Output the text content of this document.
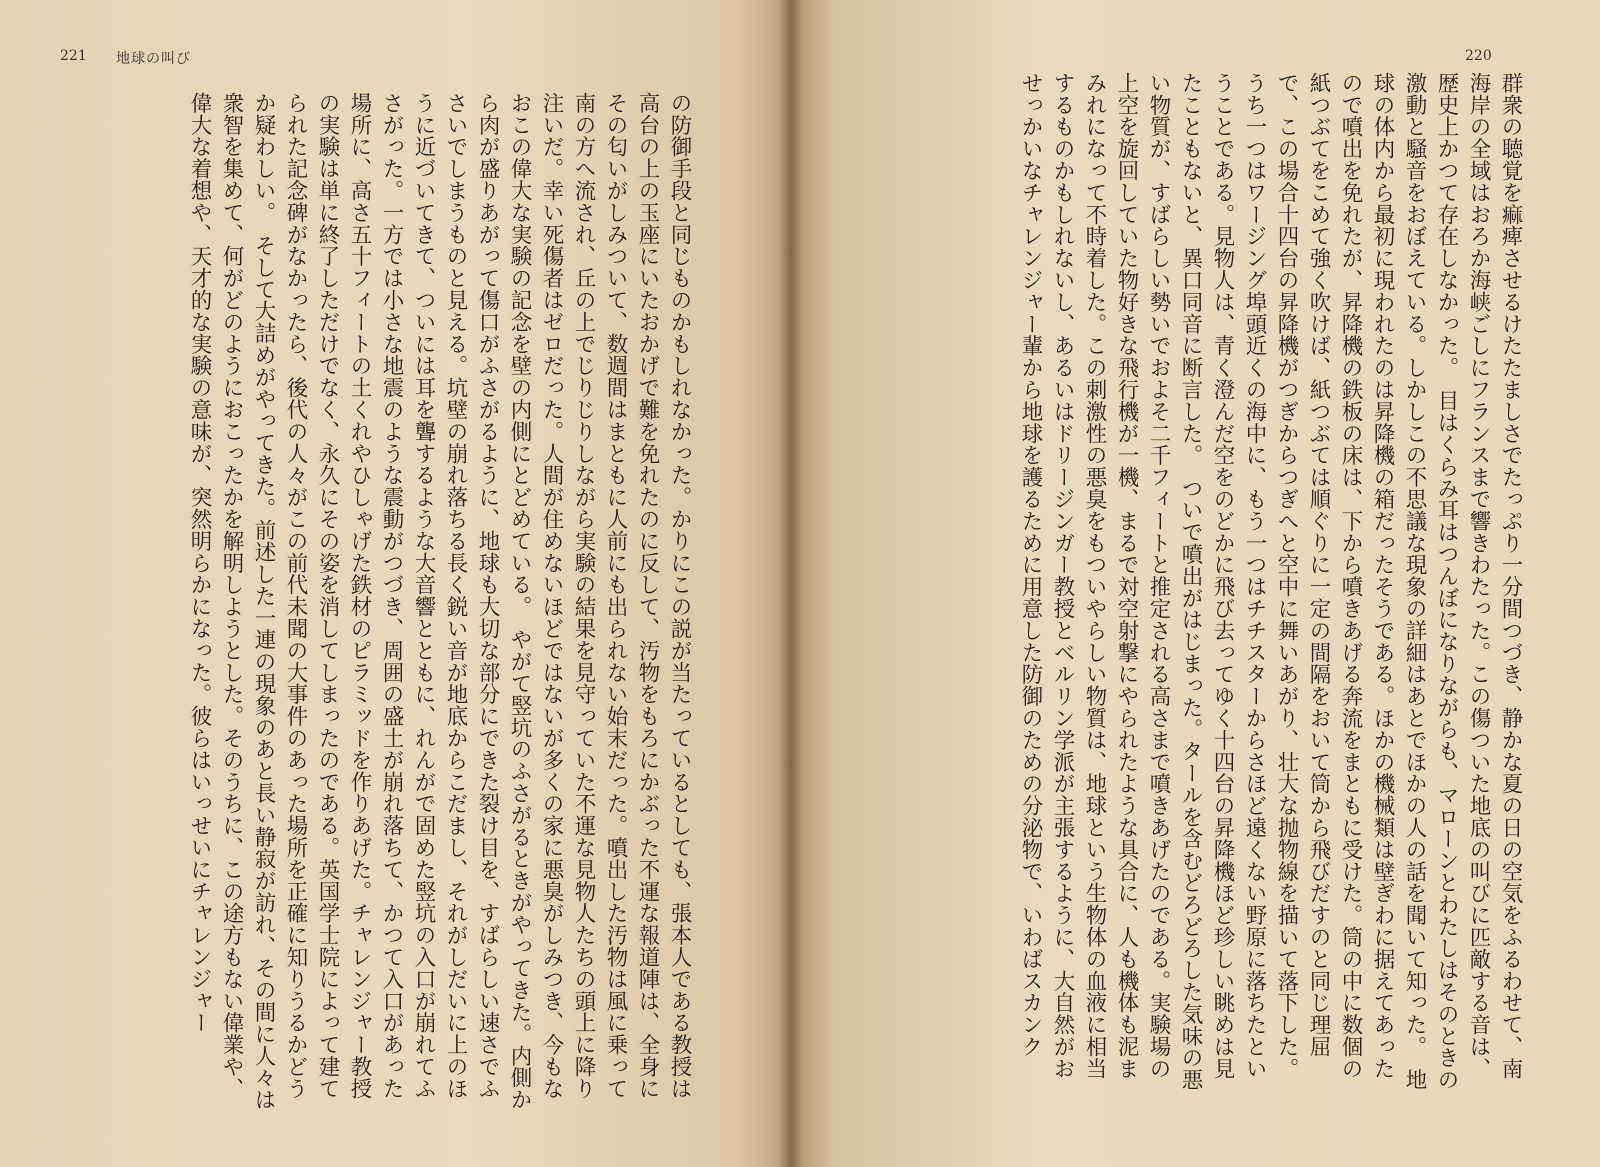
221 地球の叫び

の防御手段と同じものかもしれなかった。かりにこの説が当たっているとしても、張本人である教授は高台の上の玉座にいたおかげで難を免れたのに反して、汚物をもろにかぶった不運な報道陣は、全身にその匂いがしみついて、数週間はまともに人前にも出られない始末だった。噴出した汚物は風に乗って南の方へ流され、丘の上でじりじりしながら実験の結果を見守っていた不運な見物人たちの頭上に降り注いだ。幸い死傷者はゼロだった。人間が住めないほどではないが多くの家に悪臭がしみつき、今もなおこの偉大な実験の記念を壁の内側にとどめている。　やがて竪坑のふさがるときがやってきた。内側から肉が盛りあがって傷口がふさがるように、地球も大切な部分にできた裂け目を、すばらしい速さでふさいでしまうものと見える。坑壁の崩れ落ちる長く鋭い音が地底からこだまし、それがしだいに上のほうに近づいてきて、ついには耳を聾するような大音響とともに、れんがで固めた竪坑の入口が崩れてふさがった。一方では小さな地震のような震動がつづき、周囲の盛土が崩れ落ちて、かつて入口があった場所に、高さ五十フィートの土くれやひしゃげた鉄材のピラミッドを作りあげた。チャレンジャー教授の実験は単に終了しただけでなく、永久にその姿を消してしまったのである。英国学士院によって建てられた記念碑がなかったら、後代の人々がこの前代未聞の大事件のあった場所を正確に知りうるかどうか疑わしい。　そして大詰めがやってきた。前述した一連の現象のあと長い静寂が訪れ、その間に人々は衆智を集めて、何がどのようにおこったかを解明しようとした。そのうちに、この途方もない偉業や、偉大な着想や、天才的な実験の意味が、突然明らかになった。彼らはいっせいにチャレンジャー

220

群衆の聴覚を痲痺させるけたたましさでたっぷり一分間つづき、静かな夏の日の空気をふるわせて、南海岸の全域はおろか海峡ごしにフランスまで響きわたった。この傷ついた地底の叫びに匹敵する音は、歴史上かつて存在しなかった。　目はくらみ耳はつんぼになりながらも、マローンとわたしはそのときの激動と騒音をおぼえている。しかしこの不思議な現象の詳細はあとでほかの人の話を聞いて知った。　地球の体内から最初に現われたのは昇降機の箱だったそうである。ほかの機械類は壁ぎわに据えてあったので噴出を免れたが、昇降機の鉄板の床は、下から噴きあげる奔流をまともに受けた。筒の中に数個の紙つぶてをこめて強く吹けば、紙つぶては順ぐりに一定の間隔をおいて筒から飛びだすのと同じ理屈で、この場合十四台の昇降機がつぎからつぎへと空中に舞いあがり、壮大な抛物線を描いて落下した。うち一つはワージング埠頭近くの海中に、もう一つはチチスターからさほど遠くない野原に落ちたということである。見物人は、青く澄んだ空をのどかに飛び去ってゆく十四台の昇降機ほど珍しい眺めは見たこともないと、異口同音に断言した。　ついで噴出がはじまった。タールを含むどろどろした気味の悪い物質が、すばらしい勢いでおよそ二千フィートと推定される高さまで噴きあげたのである。実験場の上空を旋回していた物好きな飛行機が一機、まるで対空射撃にやられたような具合に、人も機体も泥まみれになって不時着した。この刺激性の悪臭をもついやらしい物質は、地球という生物体の血液に相当するものかもしれないし、あるいはドリージンガー教授とベルリン学派が主張するように、大自然がおせっかいなチャレンジャー輩から地球を護るために用意した防御のための分泌物で、いわばスカンク
